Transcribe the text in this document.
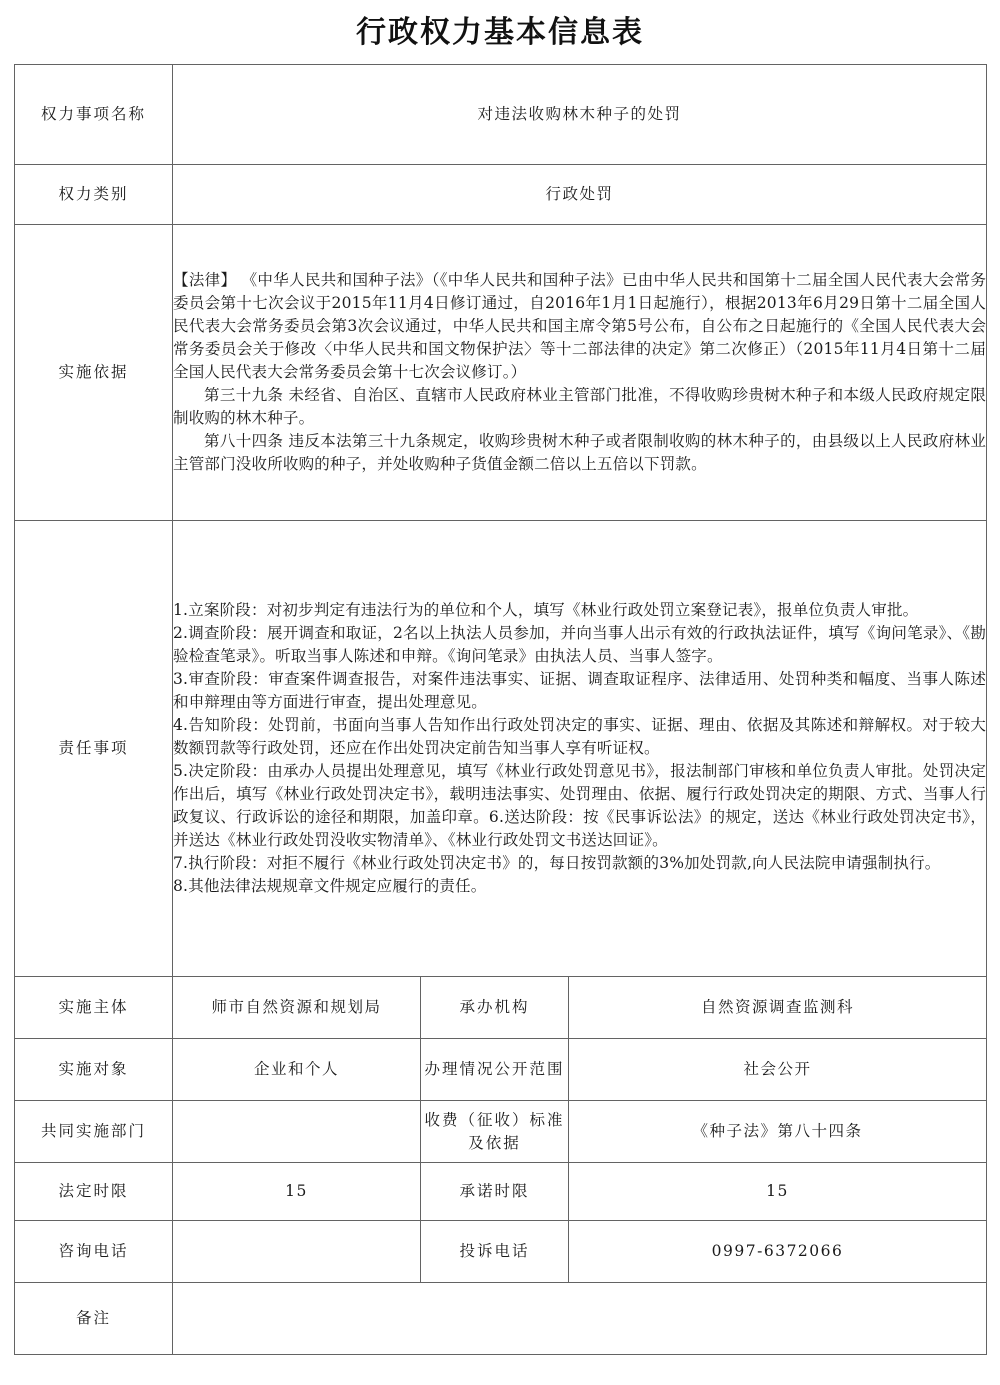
行政权力基本信息表
权力事项名称	对违法收购林木种子的处罚		
权力类别	行政处罚		
实施依据	【法律】 《中华人民共和国种子法》（《中华人民共和国种子法》已由中华人民共和国第十二届全国人民代表大会常务委员会第十七次会议于2015年11月4日修订通过，自2016年1月1日起施行），根据2013年6月29日第十二届全国人民代表大会常务委员会第3次会议通过，中华人民共和国主席令第5号公布，自公布之日起施行的《全国人民代表大会常务委员会关于修改〈中华人民共和国文物保护法〉等十二部法律的决定》第二次修正）（2015年11月4日第十二届全国人民代表大会常务委员会第十七次会议修订。）

第三十九条 未经省、自治区、直辖市人民政府林业主管部门批准，不得收购珍贵树木种子和本级人民政府规定限制收购的林木种子。

第八十四条 违反本法第三十九条规定，收购珍贵树木种子或者限制收购的林木种子的，由县级以上人民政府林业主管部门没收所收购的种子，并处收购种子货值金额二倍以上五倍以下罚款。		

责任事项	

1.立案阶段：对初步判定有违法行为的单位和个人，填写《林业行政处罚立案登记表》，报单位负责人审批。

2.调查阶段：展开调查和取证，2名以上执法人员参加，并向当事人出示有效的行政执法证件，填写《询问笔录》、《勘验检查笔录》。听取当事人陈述和申辩。《询问笔录》由执法人员、当事人签字。

3.审查阶段：审查案件调查报告，对案件违法事实、证据、调查取证程序、法律适用、处罚种类和幅度、当事人陈述和申辩理由等方面进行审查，提出处理意见。

4.告知阶段：处罚前，书面向当事人告知作出行政处罚决定的事实、证据、理由、依据及其陈述和辩解权。对于较大数额罚款等行政处罚，还应在作出处罚决定前告知当事人享有听证权。

5.决定阶段：由承办人员提出处理意见，填写《林业行政处罚意见书》，报法制部门审核和单位负责人审批。处罚决定作出后，填写《林业行政处罚决定书》，载明违法事实、处罚理由、依据、履行行政处罚决定的期限、方式、当事人行政复议、行政诉讼的途径和期限，加盖印章。6.送达阶段：按《民事诉讼法》的规定，送达《林业行政处罚决定书》，并送达《林业行政处罚没收实物清单》、《林业行政处罚文书送达回证》。

7.执行阶段：对拒不履行《林业行政处罚决定书》的，每日按罚款额的3%加处罚款,向人民法院申请强制执行。

8.其他法律法规规章文件规定应履行的责任。

实施主体	师市自然资源和规划局	承办机构	自然资源调查监测科
实施对象	企业和个人	办理情况公开范围	社会公开
共同实施部门		收费（征收）标准及依据	《种子法》第八十四条
法定时限	15	承诺时限	15
咨询电话		投诉电话	0997-6372066
备注			
